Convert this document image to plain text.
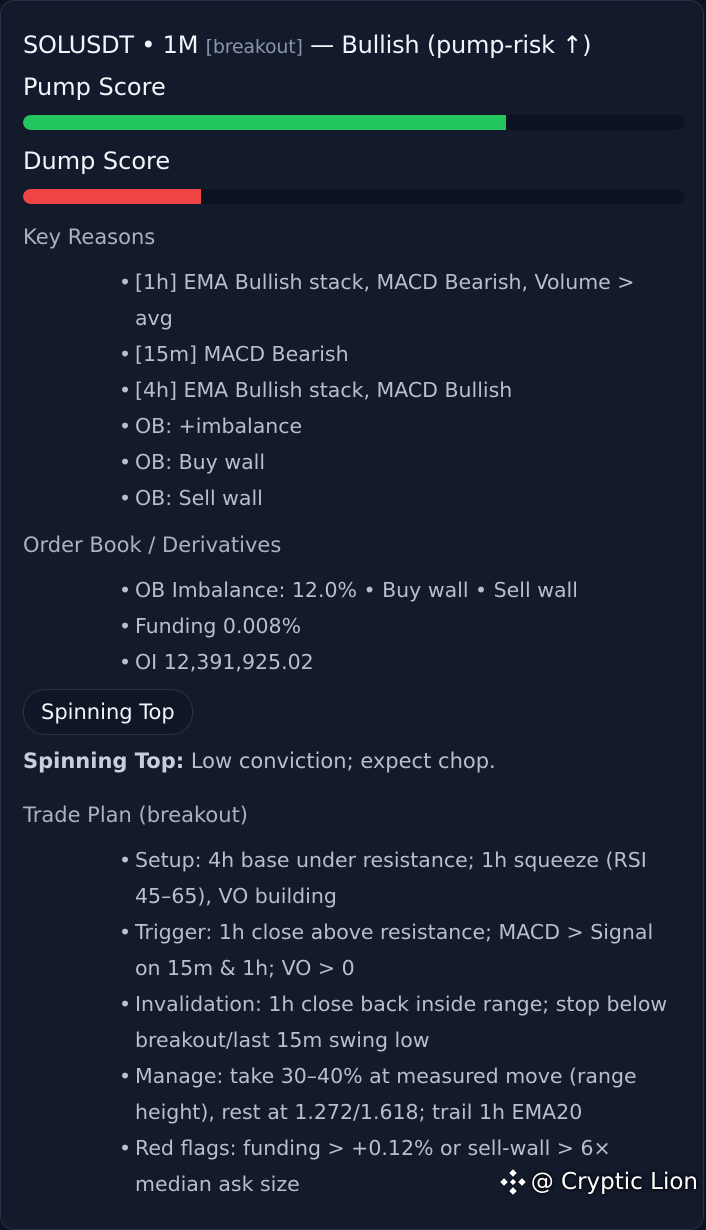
SOLUSDT • 1M [breakout] — Bullish (pump-risk ↑)
Pump Score
Dump Score
Key Reasons
• [1h] EMA Bullish stack, MACD Bearish, Volume > avg
• [15m] MACD Bearish
• [4h] EMA Bullish stack, MACD Bullish
• OB: +imbalance
• OB: Buy wall
• OB: Sell wall
Order Book / Derivatives
• OB Imbalance: 12.0% • Buy wall • Sell wall
• Funding 0.008%
• OI 12,391,925.02
Spinning Top
Spinning Top: Low conviction; expect chop.
Trade Plan (breakout)
• Setup: 4h base under resistance; 1h squeeze (RSI 45–65), VO building
• Trigger: 1h close above resistance; MACD > Signal on 15m & 1h; VO > 0
• Invalidation: 1h close back inside range; stop below breakout/last 15m swing low
• Manage: take 30–40% at measured move (range height), rest at 1.272/1.618; trail 1h EMA20
• Red flags: funding > +0.12% or sell-wall > 6× median ask size	@ Cryptic Lion
